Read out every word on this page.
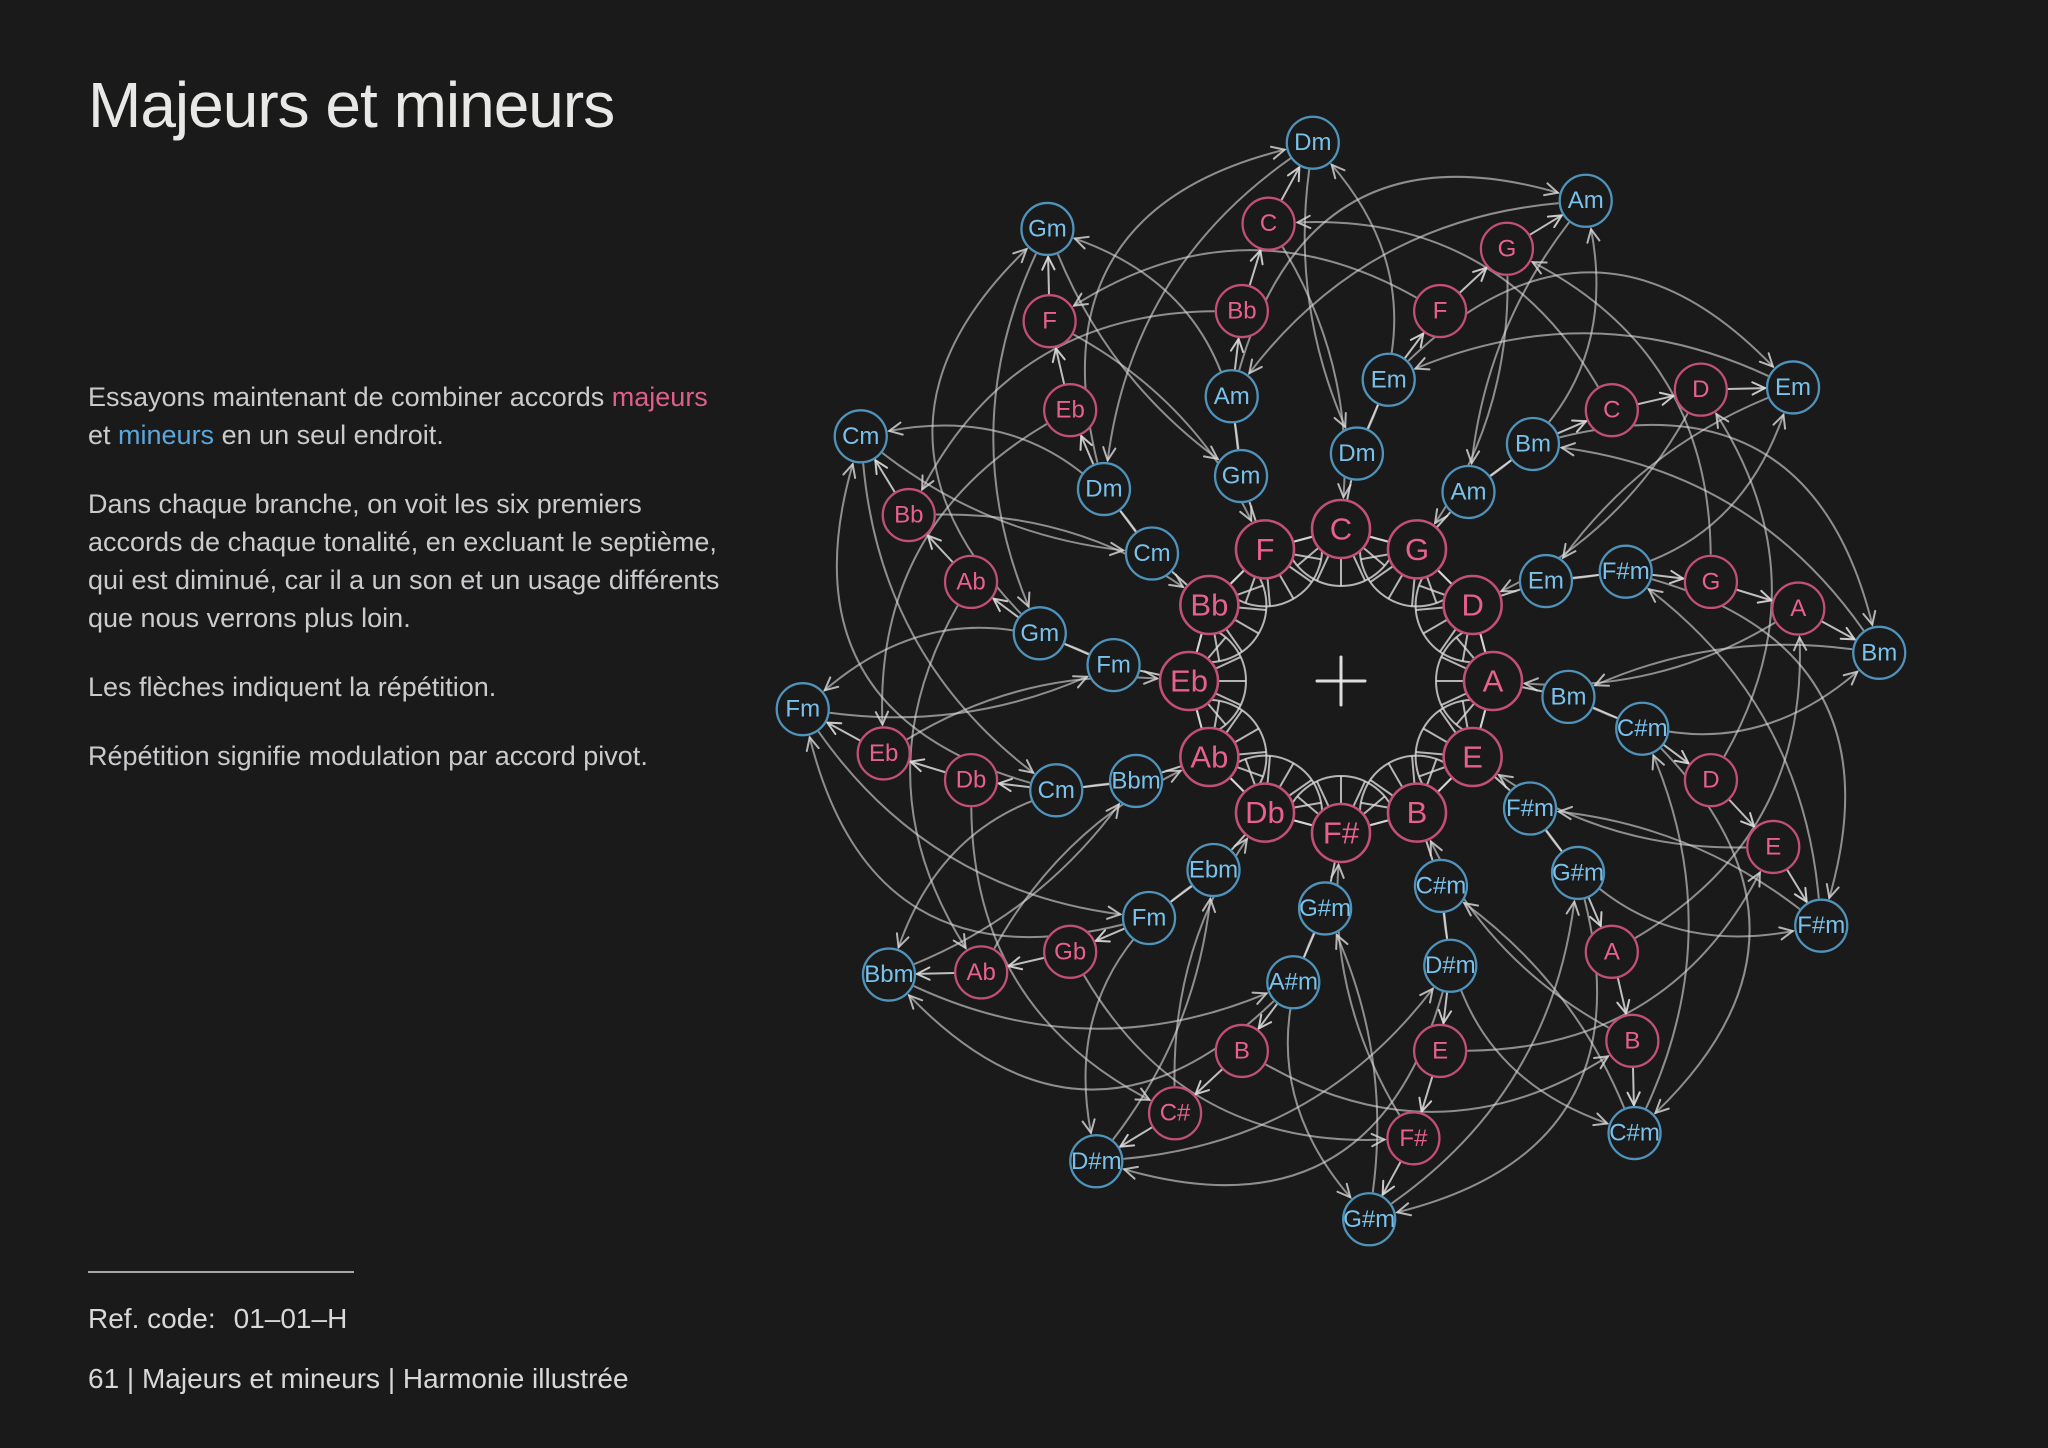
C
Dm
Em
F
G
Am
G
Am
Bm
C
D	Em
D
Em F#m G
A
Bm
A Bm
C#m
D
E
F#m
E
F#m
G#m
A
B
C#m
B
C#m
D#m
E
F#
G#m
F#
G#m
A#m
B
C#
D#m
Db
Ebm
Fm
Gb
Ab
Bbm
Ab
Bbm
Cm
Db
Eb
Fm
Eb
Fm
Gm
Ab
Bb
Cm
Bb
Cm
Dm
Eb
F
Gm
F
Gm
Am
Bb
C
Dm
Majeurs et mineurs
Essayons maintenant de combiner accords majeurs
et mineurs en un seul endroit.
Dans chaque branche, on voit les six premiers
accords de chaque tonalité, en excluant le septième,
qui est diminué, car il a un son et un usage différents
que nous verrons plus loin.
Les flèches indiquent la répétition.
Répétition signifie modulation par accord pivot.
Ref. code: 01–01–H
61 | Majeurs et mineurs | Harmonie illustrée
